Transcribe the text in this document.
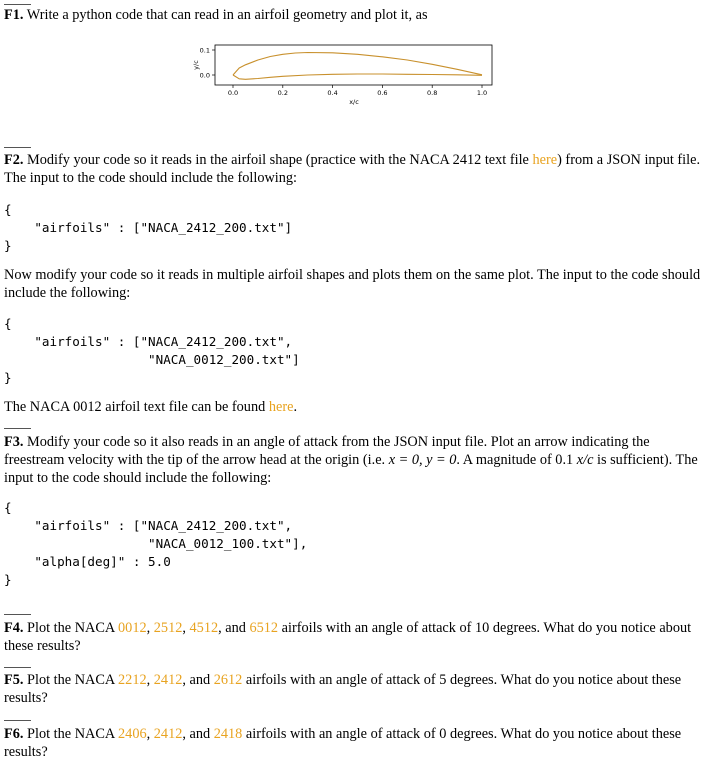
F1. Write a python code that can read in an airfoil geometry and plot it, as
0.0	0.2	0.4	0.6	0.8	1.0
0.0
0.1
x/c
y/c
F2. Modify your code so it reads in the airfoil shape (practice with the NACA 2412 text file here) from a JSON input file. The input to the code should include the following:
{
"airfoils" : ["NACA_2412_200.txt"]
}
Now modify your code so it reads in multiple airfoil shapes and plots them on the same plot. The input to the code should include the following:
{
"airfoils" : ["NACA_2412_200.txt",
"NACA_0012_200.txt"]
}
The NACA 0012 airfoil text file can be found here.
F3. Modify your code so it also reads in an angle of attack from the JSON input file. Plot an arrow indicating the freestream velocity with the tip of the arrow head at the origin (i.e. x = 0, y = 0. A magnitude of 0.1 x/c is sufficient). The input to the code should include the following:
{
"airfoils" : ["NACA_2412_200.txt",
"NACA_0012_100.txt"],
"alpha[deg]" : 5.0
}
F4. Plot the NACA 0012, 2512, 4512, and 6512 airfoils with an angle of attack of 10 degrees. What do you notice about these results?
F5. Plot the NACA 2212, 2412, and 2612 airfoils with an angle of attack of 5 degrees. What do you notice about these results?
F6. Plot the NACA 2406, 2412, and 2418 airfoils with an angle of attack of 0 degrees. What do you notice about these results?
